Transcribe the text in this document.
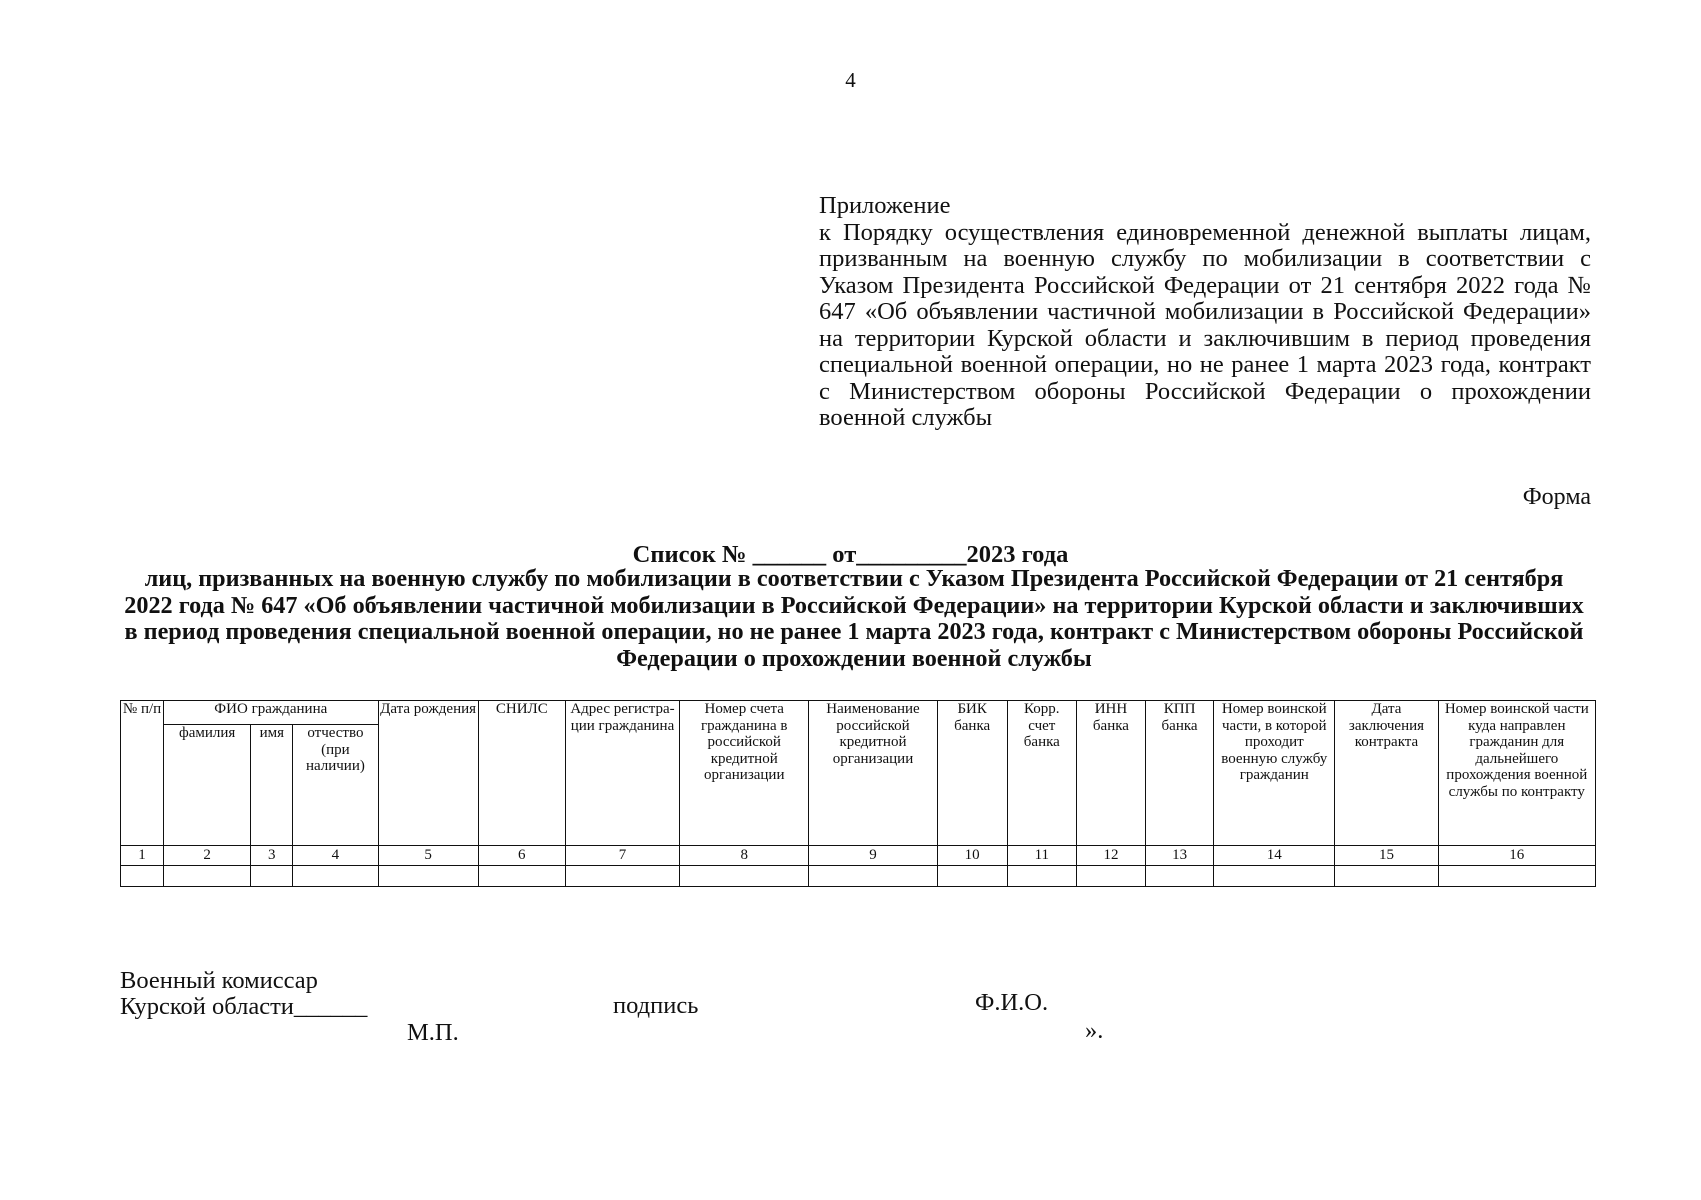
4
Приложение
к Порядку осуществления единовременной денежной выплаты лицам, призванным на военную службу по мобилизации в соответствии с Указом Президента Российской Федерации от 21 сентября 2022 года № 647 «Об объявлении частичной мобилизации в Российской Федерации» на территории Курской области и заключившим в период проведения специальной военной операции, но не ранее 1 марта 2023 года, контракт с Министерством обороны Российской Федерации о прохождении военной службы
Форма
Список № ______ от_________2023 года
лиц, призванных на военную службу по мобилизации в соответствии с Указом Президента Российской Федерации от 21 сентября 2022 года № 647 «Об объявлении частичной мобилизации в Российской Федерации» на территории Курской области и заключивших в период проведения специальной военной операции, но не ранее 1 марта 2023 года, контракт с Министерством обороны Российской Федерации о прохождении военной службы
№ п/п	ФИО гражданина			Дата рождения	СНИЛС	Адрес регистра-ции гражданина	Номер счета гражданина в российской кредитной организации	Наименование российской кредитной организации	БИК банка	Корр. счет банка	ИНН банка	КПП банка	Номер воинской части, в которой проходит военную службу гражданин	Дата заключения контракта	Номер воинской части куда направлен гражданин для дальнейшего прохождения военной службы по контракту
	фамилия	имя	отчество (при наличии)												
1	2	3	4	5	6	7	8	9	10	11	12	13	14	15	16

Военный комиссар
Курской области______	подпись	Ф.И.О.
М.П.	».
